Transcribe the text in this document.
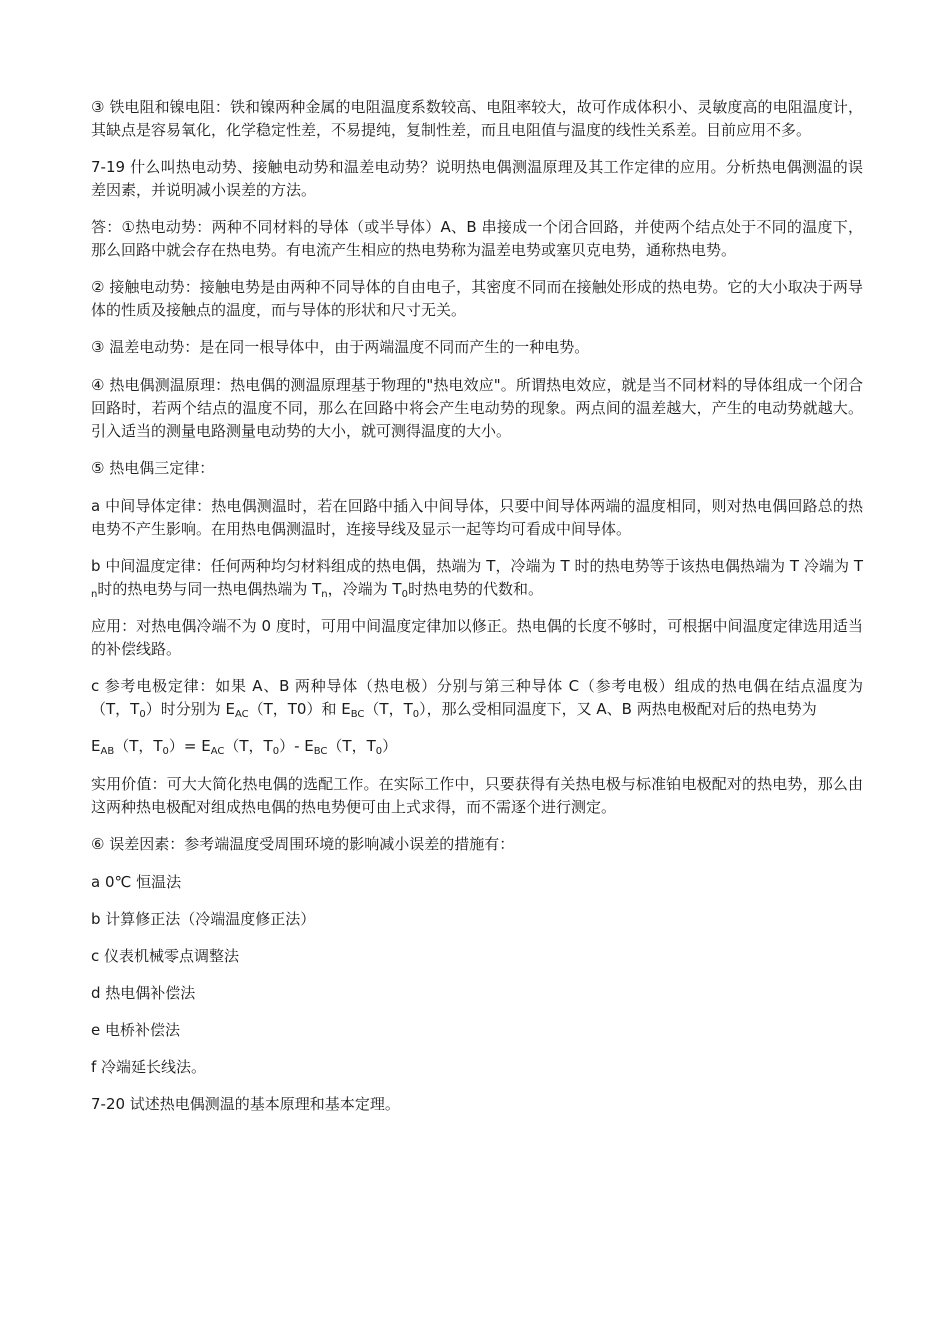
③ 铁电阻和镍电阻：铁和镍两种金属的电阻温度系数较高、电阻率较大，故可作成体积小、灵敏度高的电阻温度计，其缺点是容易氧化，化学稳定性差，不易提纯，复制性差，而且电阻值与温度的线性关系差。目前应用不多。

7-19 什么叫热电动势、接触电动势和温差电动势？说明热电偶测温原理及其工作定律的应用。分析热电偶测温的误差因素，并说明减小误差的方法。

答：①热电动势：两种不同材料的导体（或半导体）A、B 串接成一个闭合回路，并使两个结点处于不同的温度下，那么回路中就会存在热电势。有电流产生相应的热电势称为温差电势或塞贝克电势，通称热电势。

② 接触电动势：接触电势是由两种不同导体的自由电子，其密度不同而在接触处形成的热电势。它的大小取决于两导体的性质及接触点的温度，而与导体的形状和尺寸无关。

③ 温差电动势：是在同一根导体中，由于两端温度不同而产生的一种电势。

④ 热电偶测温原理：热电偶的测温原理基于物理的"热电效应"。所谓热电效应，就是当不同材料的导体组成一个闭合回路时，若两个结点的温度不同，那么在回路中将会产生电动势的现象。两点间的温差越大，产生的电动势就越大。引入适当的测量电路测量电动势的大小，就可测得温度的大小。

⑤ 热电偶三定律：

a 中间导体定律：热电偶测温时，若在回路中插入中间导体，只要中间导体两端的温度相同，则对热电偶回路总的热电势不产生影响。在用热电偶测温时，连接导线及显示一起等均可看成中间导体。

b 中间温度定律：任何两种均匀材料组成的热电偶，热端为 T，冷端为 T 时的热电势等于该热电偶热端为 T 冷端为 $T_n$时的热电势与同一热电偶热端为 $T_n$，冷端为 $T_0$时热电势的代数和。

应用：对热电偶冷端不为 0 度时，可用中间温度定律加以修正。热电偶的长度不够时，可根据中间温度定律选用适当的补偿线路。

c 参考电极定律：如果 A、B 两种导体（热电极）分别与第三种导体 C（参考电极）组成的热电偶在结点温度为（T，$T_0$）时分别为 $E_{AC}(T$，T0）和 $E_{BC}(T$，$T_0$），那么受相同温度下，又 A、B 两热电极配对后的热电势为

$E_{AB}(T$，$T_0)= E_{AC}(T$，$T_0)-$ $E_{BC}(T$，$T_0$）

实用价值：可大大简化热电偶的选配工作。在实际工作中，只要获得有关热电极与标准铂电极配对的热电势，那么由这两种热电极配对组成热电偶的热电势便可由上式求得，而不需逐个进行测定。

⑥ 误差因素：参考端温度受周围环境的影响减小误差的措施有：

a 0℃ 恒温法
b 计算修正法（冷端温度修正法）
c 仪表机械零点调整法
d 热电偶补偿法
e 电桥补偿法
f 冷端延长线法。

7-20 试述热电偶测温的基本原理和基本定理。
